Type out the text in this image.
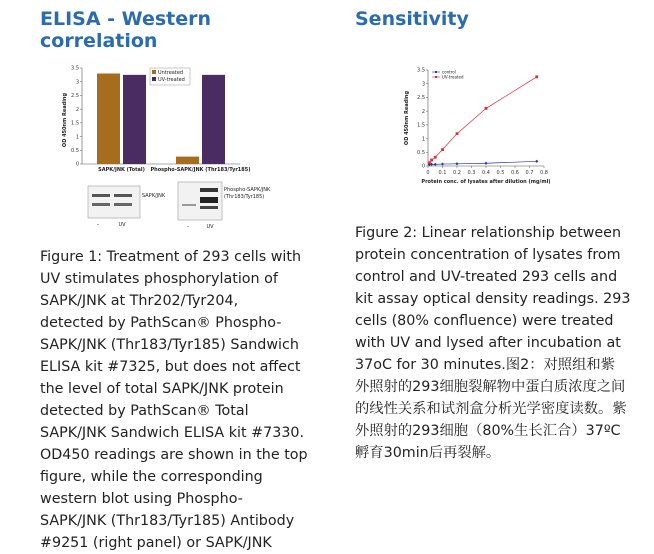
ELISA - Western
correlation
OD 450nm Reading
0
0.5
1
1.5
2
2.5
3
3.5
Untreated
UV-treated
SAPK/JNK (Total) Phospho-SAPK/JNK (Thr183/Tyr185)
SAPK/JNK
–	UV
Phospho-SAPK/JNK
(Thr183/Tyr185)
–	UV
Figure 1: Treatment of 293 cells with
UV stimulates phosphorylation of
SAPK/JNK at Thr202/Tyr204,
detected by PathScan® Phospho-
SAPK/JNK (Thr183/Tyr185) Sandwich
ELISA kit #7325, but does not affect
the level of total SAPK/JNK protein
detected by PathScan® Total
SAPK/JNK Sandwich ELISA kit #7330.
OD450 readings are shown in the top
figure, while the corresponding
western blot using Phospho-
SAPK/JNK (Thr183/Tyr185) Antibody
#9251 (right panel) or SAPK/JNK
Sensitivity
OD 450nm Reading
Protein conc. of lysates after dilution (mg/ml)
0
0.5
1
1.5
2
2.5
3
3.5
0 0.1 0.2 0.3 0.4 0.5 0.6 0.7 0.8
control
UV-treated
Figure 2: Linear relationship between
protein concentration of lysates from
control and UV-treated 293 cells and
kit assay optical density readings. 293
cells (80% confluence) were treated
with UV and lysed after incubation at
37oC for 30 minutes.图2：对照组和紫
外照射的293细胞裂解物中蛋白质浓度之间
的线性关系和试剂盒分析光学密度读数。紫
外照射的293细胞（80%生长汇合）37ºC
孵育30min后再裂解。
